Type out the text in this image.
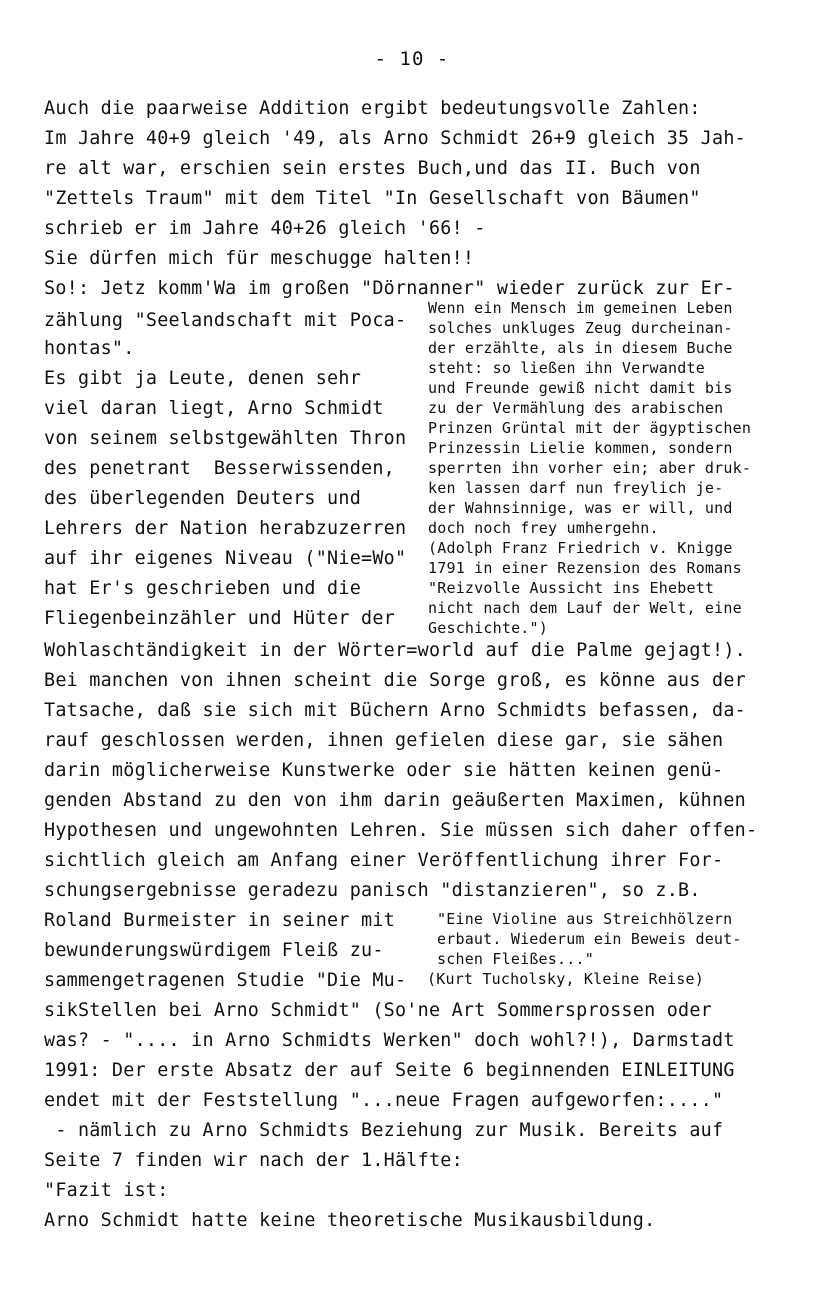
- 10 -
Auch die paarweise Addition ergibt bedeutungsvolle Zahlen:
Im Jahre 40+9 gleich '49, als Arno Schmidt 26+9 gleich 35 Jah-
re alt war, erschien sein erstes Buch,und das II. Buch von
"Zettels Traum" mit dem Titel "In Gesellschaft von Bäumen"
schrieb er im Jahre 40+26 gleich '66! -
Sie dürfen mich für meschugge halten!!
So!: Jetz komm'Wa im großen "Dörnanner" wieder zurück zur Er-
zählung "Seelandschaft mit Poca-
hontas".
Es gibt ja Leute, denen sehr
viel daran liegt, Arno Schmidt
von seinem selbstgewählten Thron
des penetrant  Besserwissenden,
des überlegenden Deuters und
Lehrers der Nation herabzuzerren
auf ihr eigenes Niveau ("Nie=Wo"
hat Er's geschrieben und die
Fliegenbeinzähler und Hüter der
Wenn ein Mensch im gemeinen Leben
solches unkluges Zeug durcheinan-
der erzählte, als in diesem Buche
steht: so ließen ihn Verwandte
und Freunde gewiß nicht damit bis
zu der Vermählung des arabischen
Prinzen Grüntal mit der ägyptischen
Prinzessin Lielie kommen, sondern
sperrten ihn vorher ein; aber druk-
ken lassen darf nun freylich je-
der Wahnsinnige, was er will, und
doch noch frey umhergehn.
(Adolph Franz Friedrich v. Knigge
1791 in einer Rezension des Romans
"Reizvolle Aussicht ins Ehebett
nicht nach dem Lauf der Welt, eine
Geschichte.")
Wohlaschtändigkeit in der Wörter=world auf die Palme gejagt!).
Bei manchen von ihnen scheint die Sorge groß, es könne aus der
Tatsache, daß sie sich mit Büchern Arno Schmidts befassen, da-
rauf geschlossen werden, ihnen gefielen diese gar, sie sähen
darin möglicherweise Kunstwerke oder sie hätten keinen genü-
genden Abstand zu den von ihm darin geäußerten Maximen, kühnen
Hypothesen und ungewohnten Lehren. Sie müssen sich daher offen-
sichtlich gleich am Anfang einer Veröffentlichung ihrer For-
schungsergebnisse geradezu panisch "distanzieren", so z.B.
Roland Burmeister in seiner mit
bewunderungswürdigem Fleiß zu-
sammengetragenen Studie "Die Mu-
"Eine Violine aus Streichhölzern
erbaut. Wiederum ein Beweis deut-
schen Fleißes..."
(Kurt Tucholsky, Kleine Reise)
sikStellen bei Arno Schmidt" (So'ne Art Sommersprossen oder
was? - ".... in Arno Schmidts Werken" doch wohl?!), Darmstadt
1991: Der erste Absatz der auf Seite 6 beginnenden EINLEITUNG
endet mit der Feststellung "...neue Fragen aufgeworfen:...."
- nämlich zu Arno Schmidts Beziehung zur Musik. Bereits auf
Seite 7 finden wir nach der 1.Hälfte:
"Fazit ist:
Arno Schmidt hatte keine theoretische Musikausbildung.
